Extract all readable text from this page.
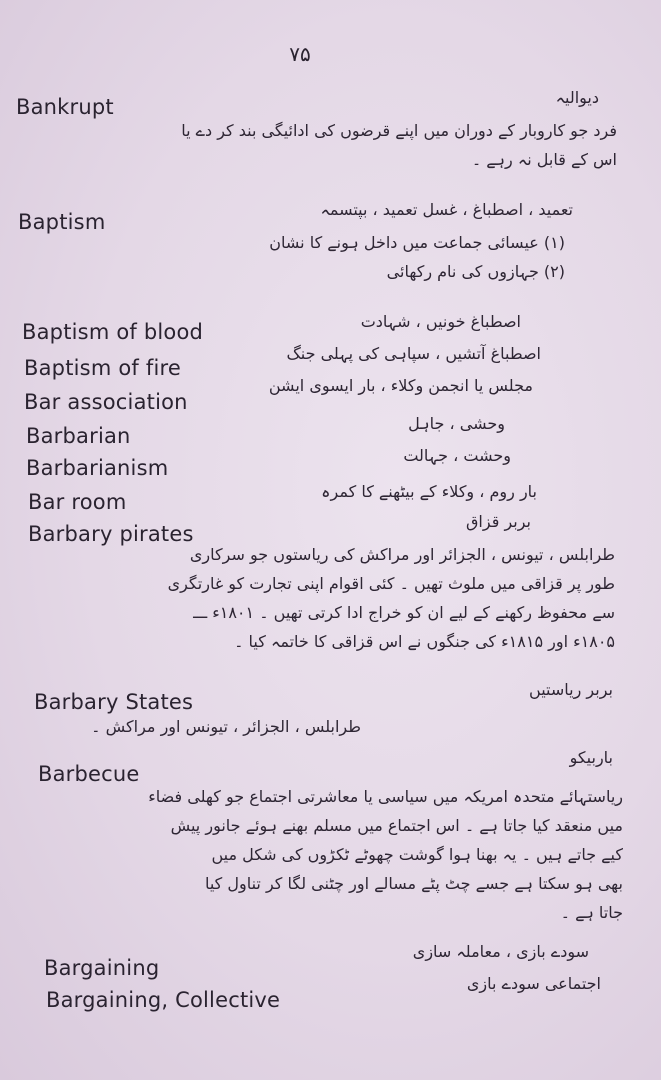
۷۵
دیوالیہ
Bankrupt
فرد جو کاروبار کے دوران میں اپنے قرضوں کی ادائیگی بند کر دے یا
اس کے قابل نہ رہے ۔
تعمید ، اصطباغ ، غسل تعمید ، بپتسمہ
Baptism
(۱) عیسائی جماعت میں داخل ہونے کا نشان
(۲) جہازوں کی نام رکھائی
اصطباغ خونیں ، شہادت
Baptism of blood
اصطباغ آتشیں ، سپاہی کی پہلی جنگ
Baptism of fire
مجلس یا انجمن وکلاء ، بار ایسوی ایشن
Bar association
وحشی ، جاہل
Barbarian
وحشت ، جہالت
Barbarianism
بار روم ، وکلاء کے بیٹھنے کا کمرہ
Bar room
بربر قزاق
Barbary pirates
طرابلس ، تیونس ، الجزائر اور مراکش کی ریاستوں جو سرکاری
طور پر قزاقی میں ملوث تھیں ۔ کئی اقوام اپنی تجارت کو غارتگری
سے محفوظ رکھنے کے لیے ان کو خراج ادا کرتی تھیں ۔ ۱۸۰۱ء ـــ
۱۸۰۵ء اور ۱۸۱۵ء کی جنگوں نے اس قزاقی کا خاتمہ کیا ۔
بربر ریاستیں
Barbary States
طرابلس ، الجزائر ، تیونس اور مراکش ۔
باربیکو
Barbecue
ریاستہائے متحدہ امریکہ میں سیاسی یا معاشرتی اجتماع جو کھلی فضاء
میں منعقد کیا جاتا ہے ۔ اس اجتماع میں مسلم بھنے ہوئے جانور پیش
کیے جاتے ہیں ۔ یہ بھنا ہوا گوشت چھوٹے ٹکڑوں کی شکل میں
بھی ہو سکتا ہے جسے چٹ پٹے مسالے اور چٹنی لگا کر تناول کیا
جاتا ہے ۔
سودے بازی ، معاملہ سازی
Bargaining
اجتماعی سودے بازی
Bargaining, Collective
